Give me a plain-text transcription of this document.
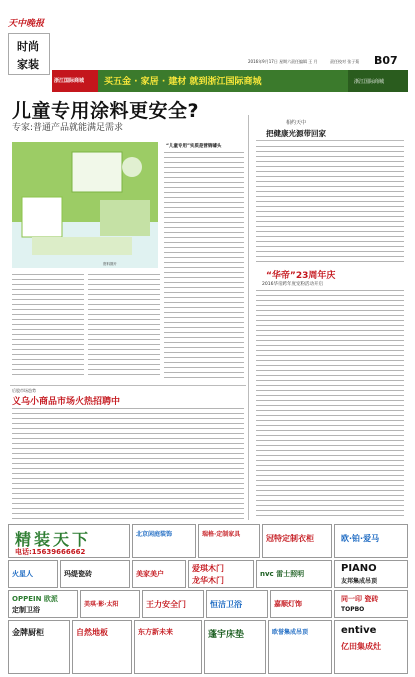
天中晚报
时尚
家装	2016年9月17日 星期六 责任编辑 王 月	责任校对 张子菊 B07
浙江国际商城 买五金 · 家居 · 建材 就到浙江国际商城	浙江国际商城
儿童专用涂料更安全?
专家:普通产品就能满足需求
资料图片
“儿童专用”实质是营销噱头
相约天中
把健康光源带回家
“华帝”23周年庆
2016华帝跨年度宠粉活动开启
后股市场趋势
义乌小商品市场火热招聘中
精装天下
电话:15639666662
北京闲庭装饰	瑞格·定制家具	冠特定制衣柜	欧·铂·爱马
火星人	玛缇瓷砖	美家美户
爱琪木门
龙华木门
nvc 雷士照明	PIANO
友邦集成吊顶
OPPEIN 欧派
定制卫浴
美琪·影·太阳	王力安全门	恒洁卫浴	嘉顺灯饰
同一印 瓷砖
TOPBO
金牌厨柜	自然地板	东方新未来	蓬宇床垫	欧誉集成吊顶	entive
亿田集成灶
